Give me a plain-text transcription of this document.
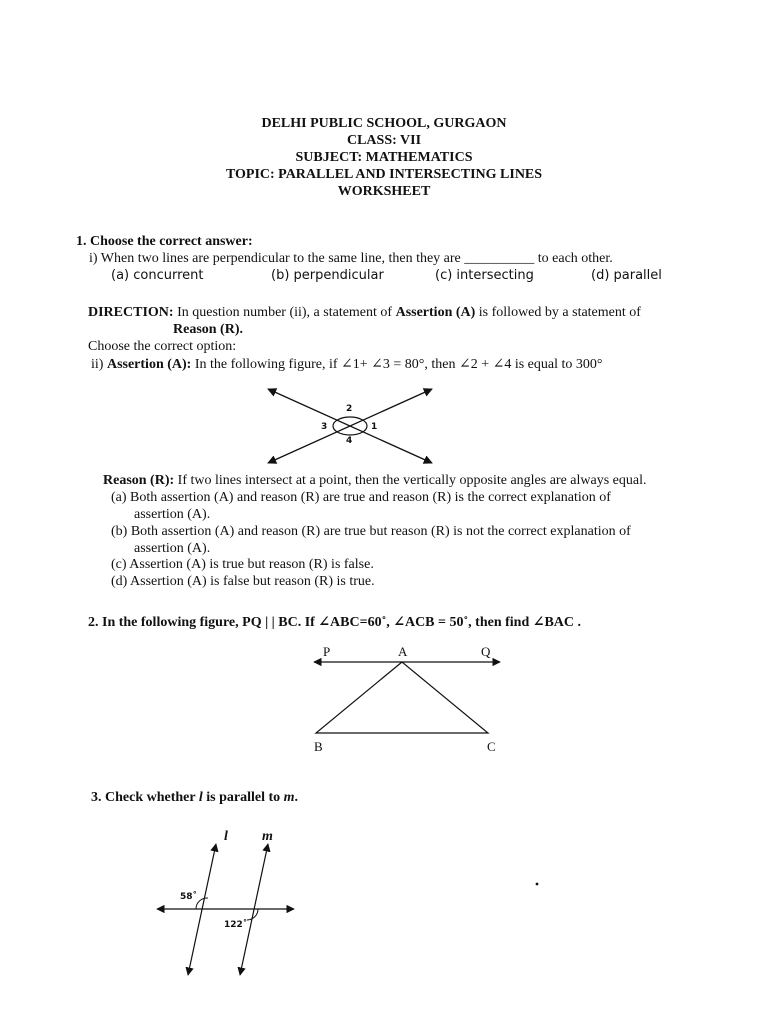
DELHI PUBLIC SCHOOL, GURGAON
CLASS: VII
SUBJECT: MATHEMATICS
TOPIC: PARALLEL AND INTERSECTING LINES
WORKSHEET
1. Choose the correct answer:
i) When two lines are perpendicular to the same line, then they are __________ to each other.
(a) concurrent	(b) perpendicular	(c) intersecting	(d) parallel
DIRECTION: In question number (ii), a statement of Assertion (A) is followed by a statement of
Reason (R).
Choose the correct option:
ii) Assertion (A): In the following figure, if ∠1+ ∠3 = 80°, then ∠2 + ∠4 is equal to 300°
1
2
3
4
Reason (R): If two lines intersect at a point, then the vertically opposite angles are always equal.
(a) Both assertion (A) and reason (R) are true and reason (R) is the correct explanation of
assertion (A).
(b) Both assertion (A) and reason (R) are true but reason (R) is not the correct explanation of
assertion (A).
(c) Assertion (A) is true but reason (R) is false.
(d) Assertion (A) is false but reason (R) is true.
2. In the following figure, PQ | | BC. If ∠ABC=60˚, ∠ACB = 50˚, then find ∠BAC .
P	A	Q
B	C
3. Check whether l is parallel to m.
l m
58˚
122˚
